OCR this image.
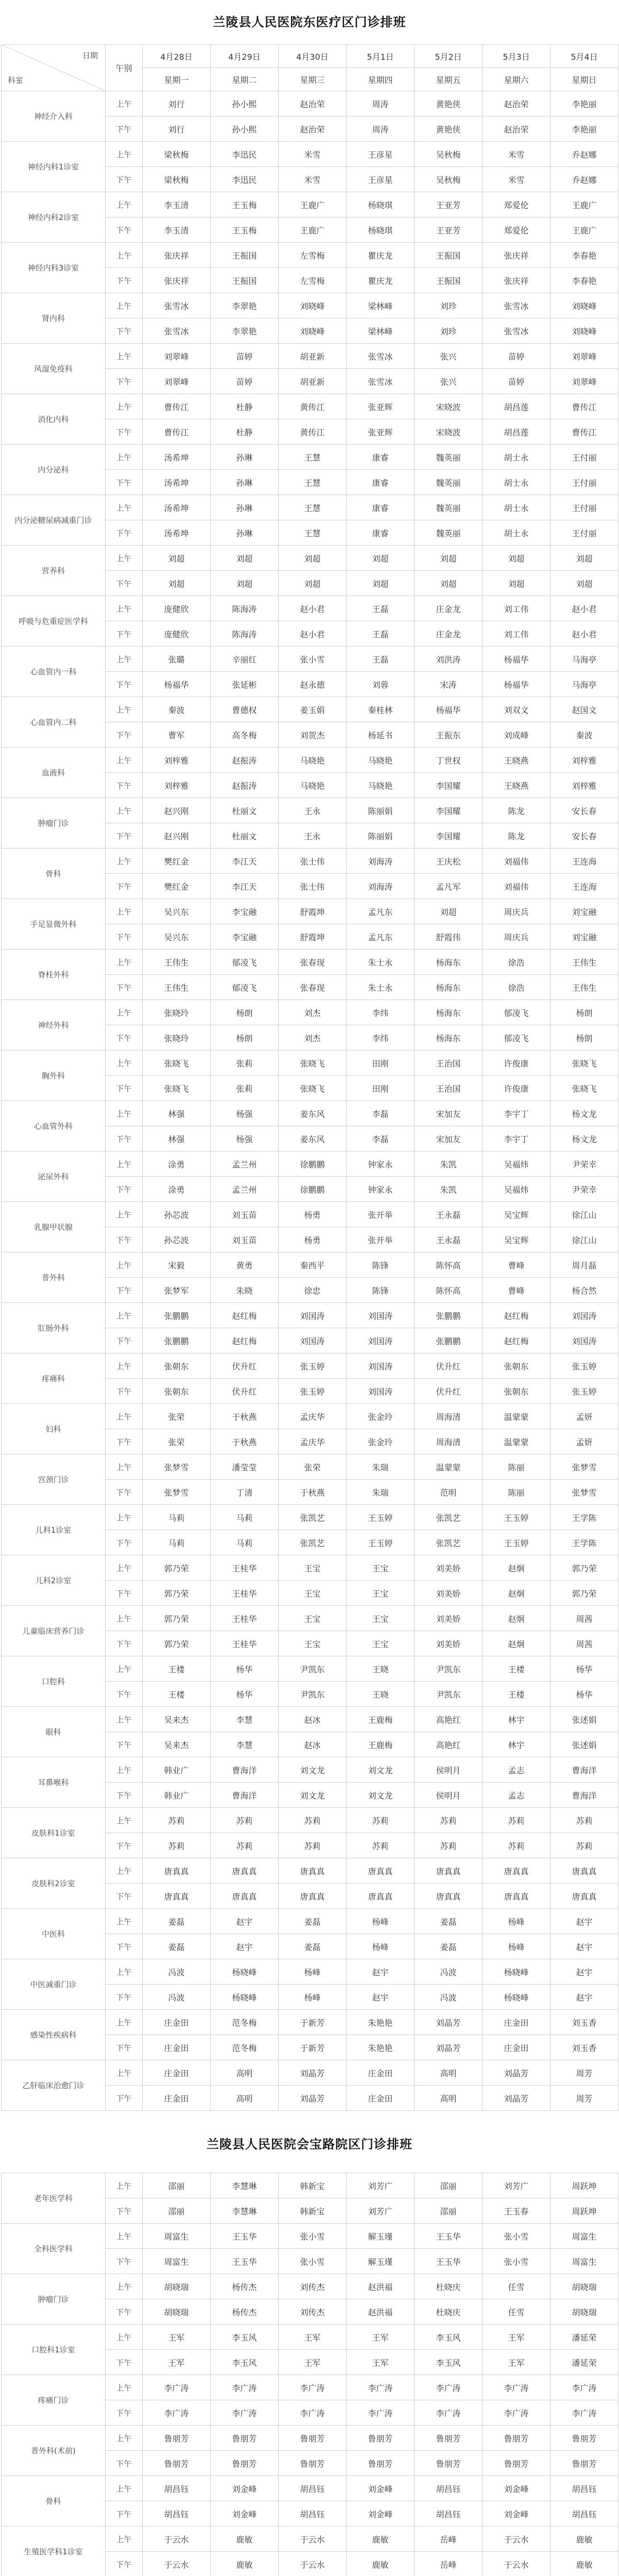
兰陵县人民医院东医疗区门诊排班
日期
科室	午别	4月28日	4月29日	4月30日	5月1日	5月2日	5月3日	5月4日
		星期一	星期二	星期三	星期四	星期五	星期六	星期日
神经介入科	上午	刘行	孙小熙	赵治荣	周涛	黄艳侠	赵治荣	李艳丽
	下午	刘行	孙小熙	赵治荣	周涛	黄艳侠	赵治荣	李艳丽
神经内科1诊室	上午	梁秋梅	李迅民	米雪	王彦星	吴秋梅	米雪	乔赵娜
	下午	梁秋梅	李迅民	米雪	王彦星	吴秋梅	米雪	乔赵娜
神经内科2诊室	上午	李玉清	王玉梅	王鹿广	杨晓琪	王亚芳	郑爱伦	王鹿广
	下午	李玉清	王玉梅	王鹿广	杨晓琪	王亚芳	郑爱伦	王鹿广
神经内科3诊室	上午	张庆祥	王振国	左雪梅	瞿庆龙	王振国	张庆祥	李春艳
	下午	张庆祥	王振国	左雪梅	瞿庆龙	王振国	张庆祥	李春艳
肾内科	上午	张雪冰	李翠艳	刘晓峰	梁林峰	刘珍	张雪冰	刘晓峰
	下午	张雪冰	李翠艳	刘晓峰	梁林峰	刘珍	张雪冰	刘晓峰
风湿免疫科	上午	刘翠峰	苗婷	胡亚新	张雪冰	张兴	苗婷	刘翠峰
	下午	刘翠峰	苗婷	胡亚新	张雪冰	张兴	苗婷	刘翠峰
消化内科	上午	曹传江	杜静	黄传江	张亚辉	宋晓波	胡昌莲	曹传江
	下午	曹传江	杜静	黄传江	张亚辉	宋晓波	胡昌莲	曹传江
内分泌科	上午	汤希坤	孙琳	王慧	康睿	魏英丽	胡士永	王付丽
	下午	汤希坤	孙琳	王慧	康睿	魏英丽	胡士永	王付丽
内分泌糖尿病减重门诊	上午	汤希坤	孙琳	王慧	康睿	魏英丽	胡士永	王付丽
	下午	汤希坤	孙琳	王慧	康睿	魏英丽	胡士永	王付丽
营养科	上午	刘超	刘超	刘超	刘超	刘超	刘超	刘超
	下午	刘超	刘超	刘超	刘超	刘超	刘超	刘超
呼吸与危重症医学科	上午	庞健欣	陈海涛	赵小君	王磊	庄金龙	刘工伟	赵小君
	下午	庞健欣	陈海涛	赵小君	王磊	庄金龙	刘工伟	赵小君
心血管内一科	上午	张璐	辛丽红	张小雪	王磊	刘洪涛	杨福华	马海亭
	下午	杨福华	张延彬	赵永德	刘蓉	宋涛	杨福华	马海亭
心血管内二科	上午	秦波	曹德权	姜玉娟	秦桂林	杨福华	刘双文	赵国文
	下午	曹军	高冬梅	刘贺杰	杨延书	王振东	刘成峰	秦波
血液科	上午	刘梓雅	赵振涛	马晓艳	马晓艳	丁世权	王晓燕	刘梓雅
	下午	刘梓雅	赵振涛	马晓艳	马晓艳	李国耀	王晓燕	刘梓雅
肿瘤门诊	上午	赵兴刚	杜丽文	王永	陈丽娟	李国耀	陈龙	安长春
	下午	赵兴刚	杜丽文	王永	陈丽娟	李国耀	陈龙	安长春
骨科	上午	樊红金	李江天	张士伟	刘海涛	王庆松	刘福伟	王连海
	下午	樊红金	李江天	张士伟	刘海涛	孟凡军	刘福伟	王连海
手足显微外科	上午	吴兴东	李宝融	舒霞坤	孟凡东	刘超	周庆兵	刘宝融
	下午	吴兴东	李宝融	舒霞坤	孟凡东	舒霞伟	周庆兵	刘宝融
脊柱外科	上午	王伟生	郁凌飞	张春现	朱士永	杨海东	徐浩	王伟生
	下午	王伟生	郁凌飞	张春现	朱士永	杨海东	徐浩	王伟生
神经外科	上午	张晓玲	杨朗	刘杰	李纬	杨海东	郁凌飞	杨朗
	下午	张晓玲	杨朗	刘杰	李纬	杨海东	郁凌飞	杨朗
胸外科	上午	张晓飞	张莉	张晓飞	田刚	王治国	许俊康	张晓飞
	下午	张晓飞	张莉	张晓飞	田刚	王治国	许俊康	张晓飞
心血管外科	上午	林强	杨强	姜东风	李磊	宋加友	李宇丁	杨文龙
	下午	林强	杨强	姜东风	李磊	宋加友	李宇丁	杨文龙
泌尿外科	上午	涂勇	孟兰州	徐鹏鹏	钟家永	朱凯	吴福炜	尹荣幸
	下午	涂勇	孟兰州	徐鹏鹏	钟家永	朱凯	吴福炜	尹荣幸
乳腺甲状腺	上午	孙芯波	刘玉苗	杨勇	张开举	王永磊	吴宝辉	徐江山
	下午	孙芯波	刘玉苗	杨勇	张开举	王永磊	吴宝辉	徐江山
普外科	上午	宋毅	黄勇	秦西平	陈锋	陈怀高	曹峰	周月磊
	下午	张梦军	朱晓	徐忠	陈锋	陈怀高	曹峰	杨合然
肛肠外科	上午	张鹏鹏	赵红梅	刘国涛	刘国涛	张鹏鹏	赵红梅	刘国涛
	下午	张鹏鹏	赵红梅	刘国涛	刘国涛	张鹏鹏	赵红梅	刘国涛
疼痛科	上午	张朝东	伏升红	张玉婷	刘国涛	伏升红	张朝东	张玉婷
	下午	张朝东	伏升红	张玉婷	刘国涛	伏升红	张朝东	张玉婷
妇科	上午	张荣	于秋燕	孟庆华	张金玲	周海清	温蒙蒙	孟妍
	下午	张荣	于秋燕	孟庆华	张金玲	周海清	温蒙蒙	孟妍
宫颈门诊	上午	张梦雪	潘莹莹	张荣	朱瑞	温蒙蒙	陈丽	张梦雪
	下午	张梦雪	丁清	于秋燕	朱瑞	范明	陈丽	张梦雪
儿科1诊室	上午	马莉	马莉	张凯艺	王玉婷	张凯艺	王玉婷	王学陈
	下午	马莉	马莉	张凯艺	王玉婷	张凯艺	王玉婷	王学陈
儿科2诊室	上午	郭乃荣	王桂华	王宝	王宝	刘美娇	赵炯	郭乃荣
	下午	郭乃荣	王桂华	王宝	王宝	刘美娇	赵炯	郭乃荣
儿童临床营养门诊	上午	郭乃荣	王桂华	王宝	王宝	刘美娇	赵炯	周茜
	下午	郭乃荣	王桂华	王宝	王宝	刘美娇	赵炯	周茜
口腔科	上午	王楼	杨华	尹凯东	王晓	尹凯东	王楼	杨华
	下午	王楼	杨华	尹凯东	王晓	尹凯东	王楼	杨华
眼科	上午	吴来杰	李慧	赵冰	王鹿梅	高艳红	林宇	张述娟
	下午	吴来杰	李慧	赵冰	王鹿梅	高艳红	林宇	张述娟
耳鼻喉科	上午	韩业广	曹海洋	刘文龙	刘文龙	侯明月	孟志	曹海洋
	下午	韩业广	曹海洋	刘文龙	刘文龙	侯明月	孟志	曹海洋
皮肤科1诊室	上午	苏莉	苏莉	苏莉	苏莉	苏莉	苏莉	苏莉
	下午	苏莉	苏莉	苏莉	苏莉	苏莉	苏莉	苏莉
皮肤科2诊室	上午	唐真真	唐真真	唐真真	唐真真	唐真真	唐真真	唐真真
	下午	唐真真	唐真真	唐真真	唐真真	唐真真	唐真真	唐真真
中医科	上午	姜磊	赵宇	姜磊	杨峰	姜磊	杨峰	赵宇
	下午	姜磊	赵宇	姜磊	杨峰	姜磊	杨峰	赵宇
中医减重门诊	上午	冯波	杨晓峰	杨峰	赵宇	冯波	杨晓峰	赵宇
	下午	冯波	杨晓峰	杨峰	赵宇	冯波	杨晓峰	赵宇
感染性疾病科	上午	庄金田	范冬梅	于新芳	朱艳艳	刘晶芳	庄金田	刘玉香
	下午	庄金田	范冬梅	于新芳	朱艳艳	刘晶芳	庄金田	刘玉香
乙肝临床治愈门诊	上午	庄金田	高明	刘晶芳	庄金田	高明	刘晶芳	周芳
	下午	庄金田	高明	刘晶芳	庄金田	高明	刘晶芳	周芳
兰陵县人民医院会宝路院区门诊排班
老年医学科	上午	邵丽	李慧琳	韩新宝	刘芳广	邵丽	刘芳广	周跃坤
	下午	邵丽	李慧琳	韩新宝	刘芳广	邵丽	王玉春	周跃坤
全科医学科	上午	周富生	王玉华	张小雪	解玉瑾	王玉华	张小雪	周富生
	下午	周富生	王玉华	张小雪	解玉瑾	王玉华	张小雪	周富生
肿瘤门诊	上午	胡晓瑞	杨传杰	刘传杰	赵洪福	杜晓庆	任雪	胡晓瑞
	下午	胡晓瑞	杨传杰	刘传杰	赵洪福	杜晓庆	任雪	胡晓瑞
口腔科1诊室	上午	王军	李玉风	王军	王军	李玉风	王军	潘延荣
	下午	王军	李玉风	王军	王军	李玉风	王军	潘延荣
疼痛门诊	上午	李广涛	李广涛	李广涛	李广涛	李广涛	李广涛	李广涛
	下午	李广涛	李广涛	李广涛	李广涛	李广涛	李广涛	李广涛
普外科(术前)	上午	鲁朋芳	鲁朋芳	鲁朋芳	鲁朋芳	鲁朋芳	鲁朋芳	鲁朋芳
	下午	鲁朋芳	鲁朋芳	鲁朋芳	鲁朋芳	鲁朋芳	鲁朋芳	鲁朋芳
骨科	上午	胡昌钰	刘金峰	胡昌钰	刘金峰	胡昌钰	刘金峰	胡昌钰
	下午	胡昌钰	刘金峰	胡昌钰	刘金峰	胡昌钰	刘金峰	胡昌钰
生殖医学科1诊室	上午	于云水	鹿敏	于云水	鹿敏	岳峰	于云水	鹿敏
	下午	于云水	鹿敏	于云水	鹿敏	岳峰	于云水	鹿敏
